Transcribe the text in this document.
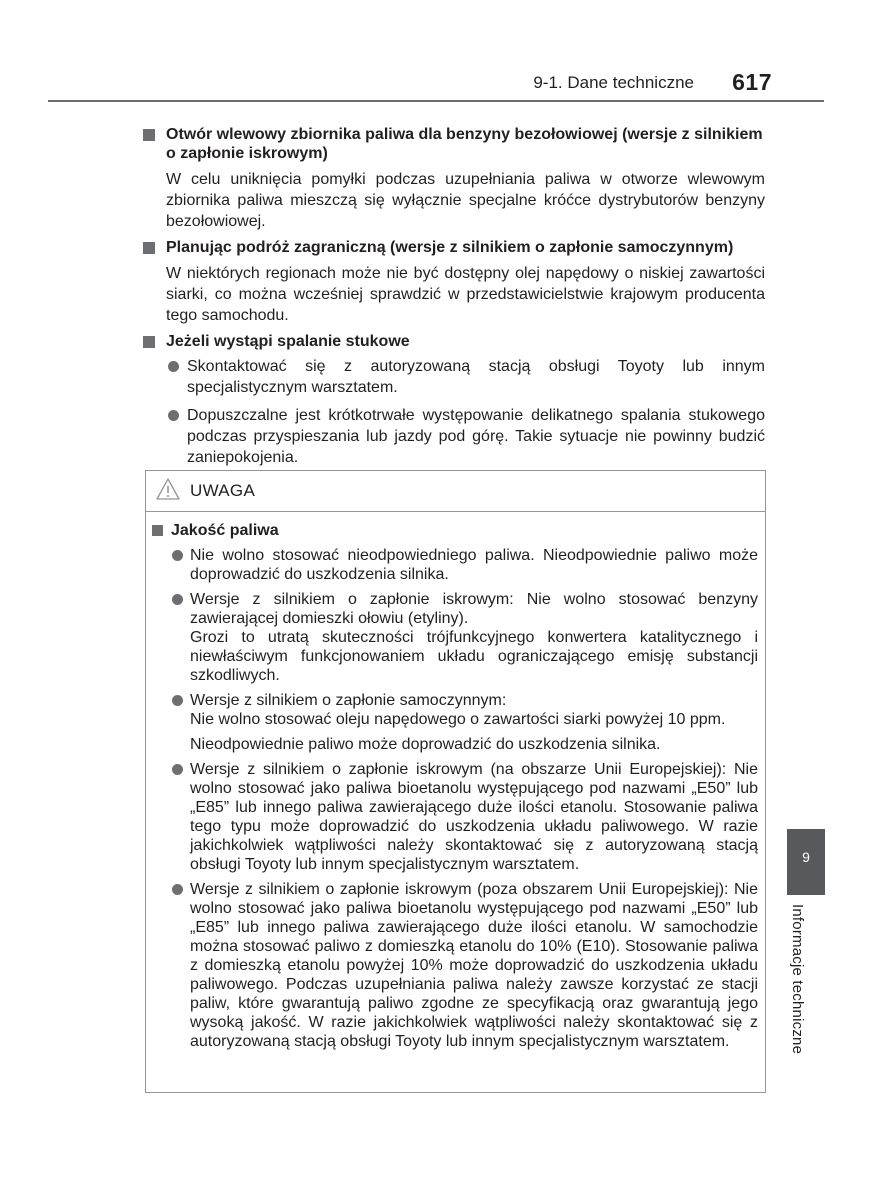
9-1. Dane techniczne 617
Otwór wlewowy zbiornika paliwa dla benzyny bezołowiowej (wersje z silnikiem o zapłonie iskrowym)
W celu uniknięcia pomyłki podczas uzupełniania paliwa w otworze wlewowym zbiornika paliwa mieszczą się wyłącznie specjalne króćce dystrybutorów benzyny bezołowiowej.
Planując podróż zagraniczną (wersje z silnikiem o zapłonie samoczynnym)
W niektórych regionach może nie być dostępny olej napędowy o niskiej zawartości siarki, co można wcześniej sprawdzić w przedstawicielstwie krajowym producenta tego samochodu.
Jeżeli wystąpi spalanie stukowe
Skontaktować się z autoryzowaną stacją obsługi Toyoty lub innym specjalistycznym warsztatem.
Dopuszczalne jest krótkotrwałe występowanie delikatnego spalania stukowego podczas przyspieszania lub jazdy pod górę. Takie sytuacje nie powinny budzić zaniepokojenia.
UWAGA
Jakość paliwa

Nie wolno stosować nieodpowiedniego paliwa. Nieodpowiednie paliwo może doprowadzić do uszkodzenia silnika.

Wersje z silnikiem o zapłonie iskrowym: Nie wolno stosować benzyny zawierającej domieszki ołowiu (etyliny).

Grozi to utratą skuteczności trójfunkcyjnego konwertera katalitycznego i niewłaściwym funkcjonowaniem układu ograniczającego emisję substancji szkodliwych.

Wersje z silnikiem o zapłonie samoczynnym:

Nie wolno stosować oleju napędowego o zawartości siarki powyżej 10 ppm.

Nieodpowiednie paliwo może doprowadzić do uszkodzenia silnika.

Wersje z silnikiem o zapłonie iskrowym (na obszarze Unii Europejskiej): Nie wolno stosować jako paliwa bioetanolu występującego pod nazwami „E50” lub „E85” lub innego paliwa zawierającego duże ilości etanolu. Stosowanie paliwa tego typu może doprowadzić do uszkodzenia układu paliwowego. W razie jakichkolwiek wątpliwości należy skontaktować się z autoryzowaną stacją obsługi Toyoty lub innym specjalistycznym warsztatem.

Wersje z silnikiem o zapłonie iskrowym (poza obszarem Unii Europejskiej): Nie wolno stosować jako paliwa bioetanolu występującego pod nazwami „E50” lub „E85” lub innego paliwa zawierającego duże ilości etanolu. W samochodzie można stosować paliwo z domieszką etanolu do 10% (E10). Stosowanie paliwa z domieszką etanolu powyżej 10% może doprowadzić do uszkodzenia układu paliwowego. Podczas uzupełniania paliwa należy zawsze korzystać ze stacji paliw, które gwarantują paliwo zgodne ze specyfikacją oraz gwarantują jego wysoką jakość. W razie jakichkolwiek wątpliwości należy skontaktować się z autoryzowaną stacją obsługi Toyoty lub innym specjalistycznym warsztatem.

9
Informacje techniczne
